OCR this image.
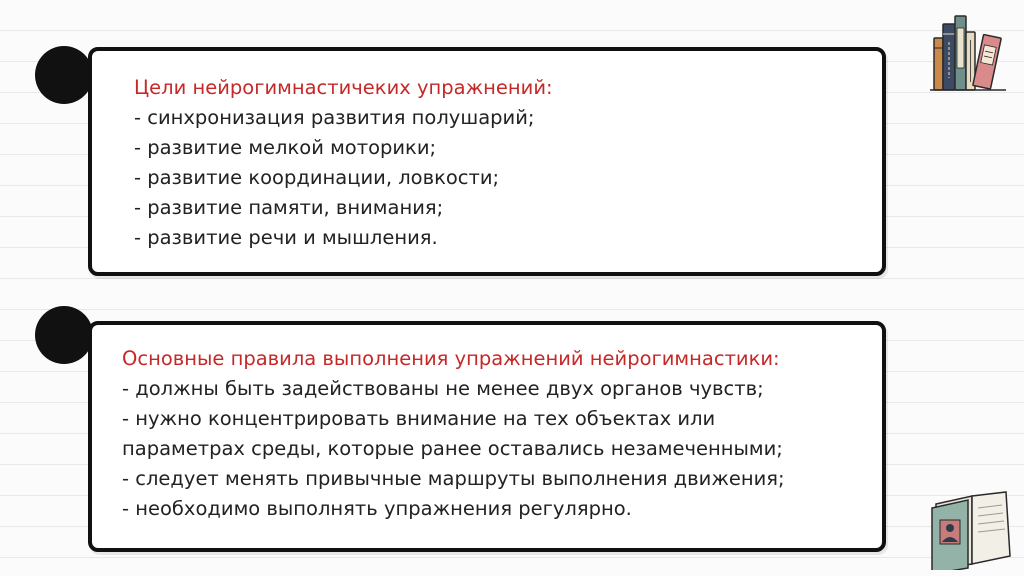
Цели нейрогимнастичеких упражнений:
- синхронизация развития полушарий;
- развитие мелкой моторики;
- развитие координации, ловкости;
- развитие памяти, внимания;
- развитие речи и мышления.
Основные правила выполнения упражнений нейрогимнастики:
- должны быть задействованы не менее двух органов чувств;
- нужно концентрировать внимание на тех объектах или
параметрах среды, которые ранее оставались незамеченными;
- следует менять привычные маршруты выполнения движения;
- необходимо выполнять упражнения регулярно.
